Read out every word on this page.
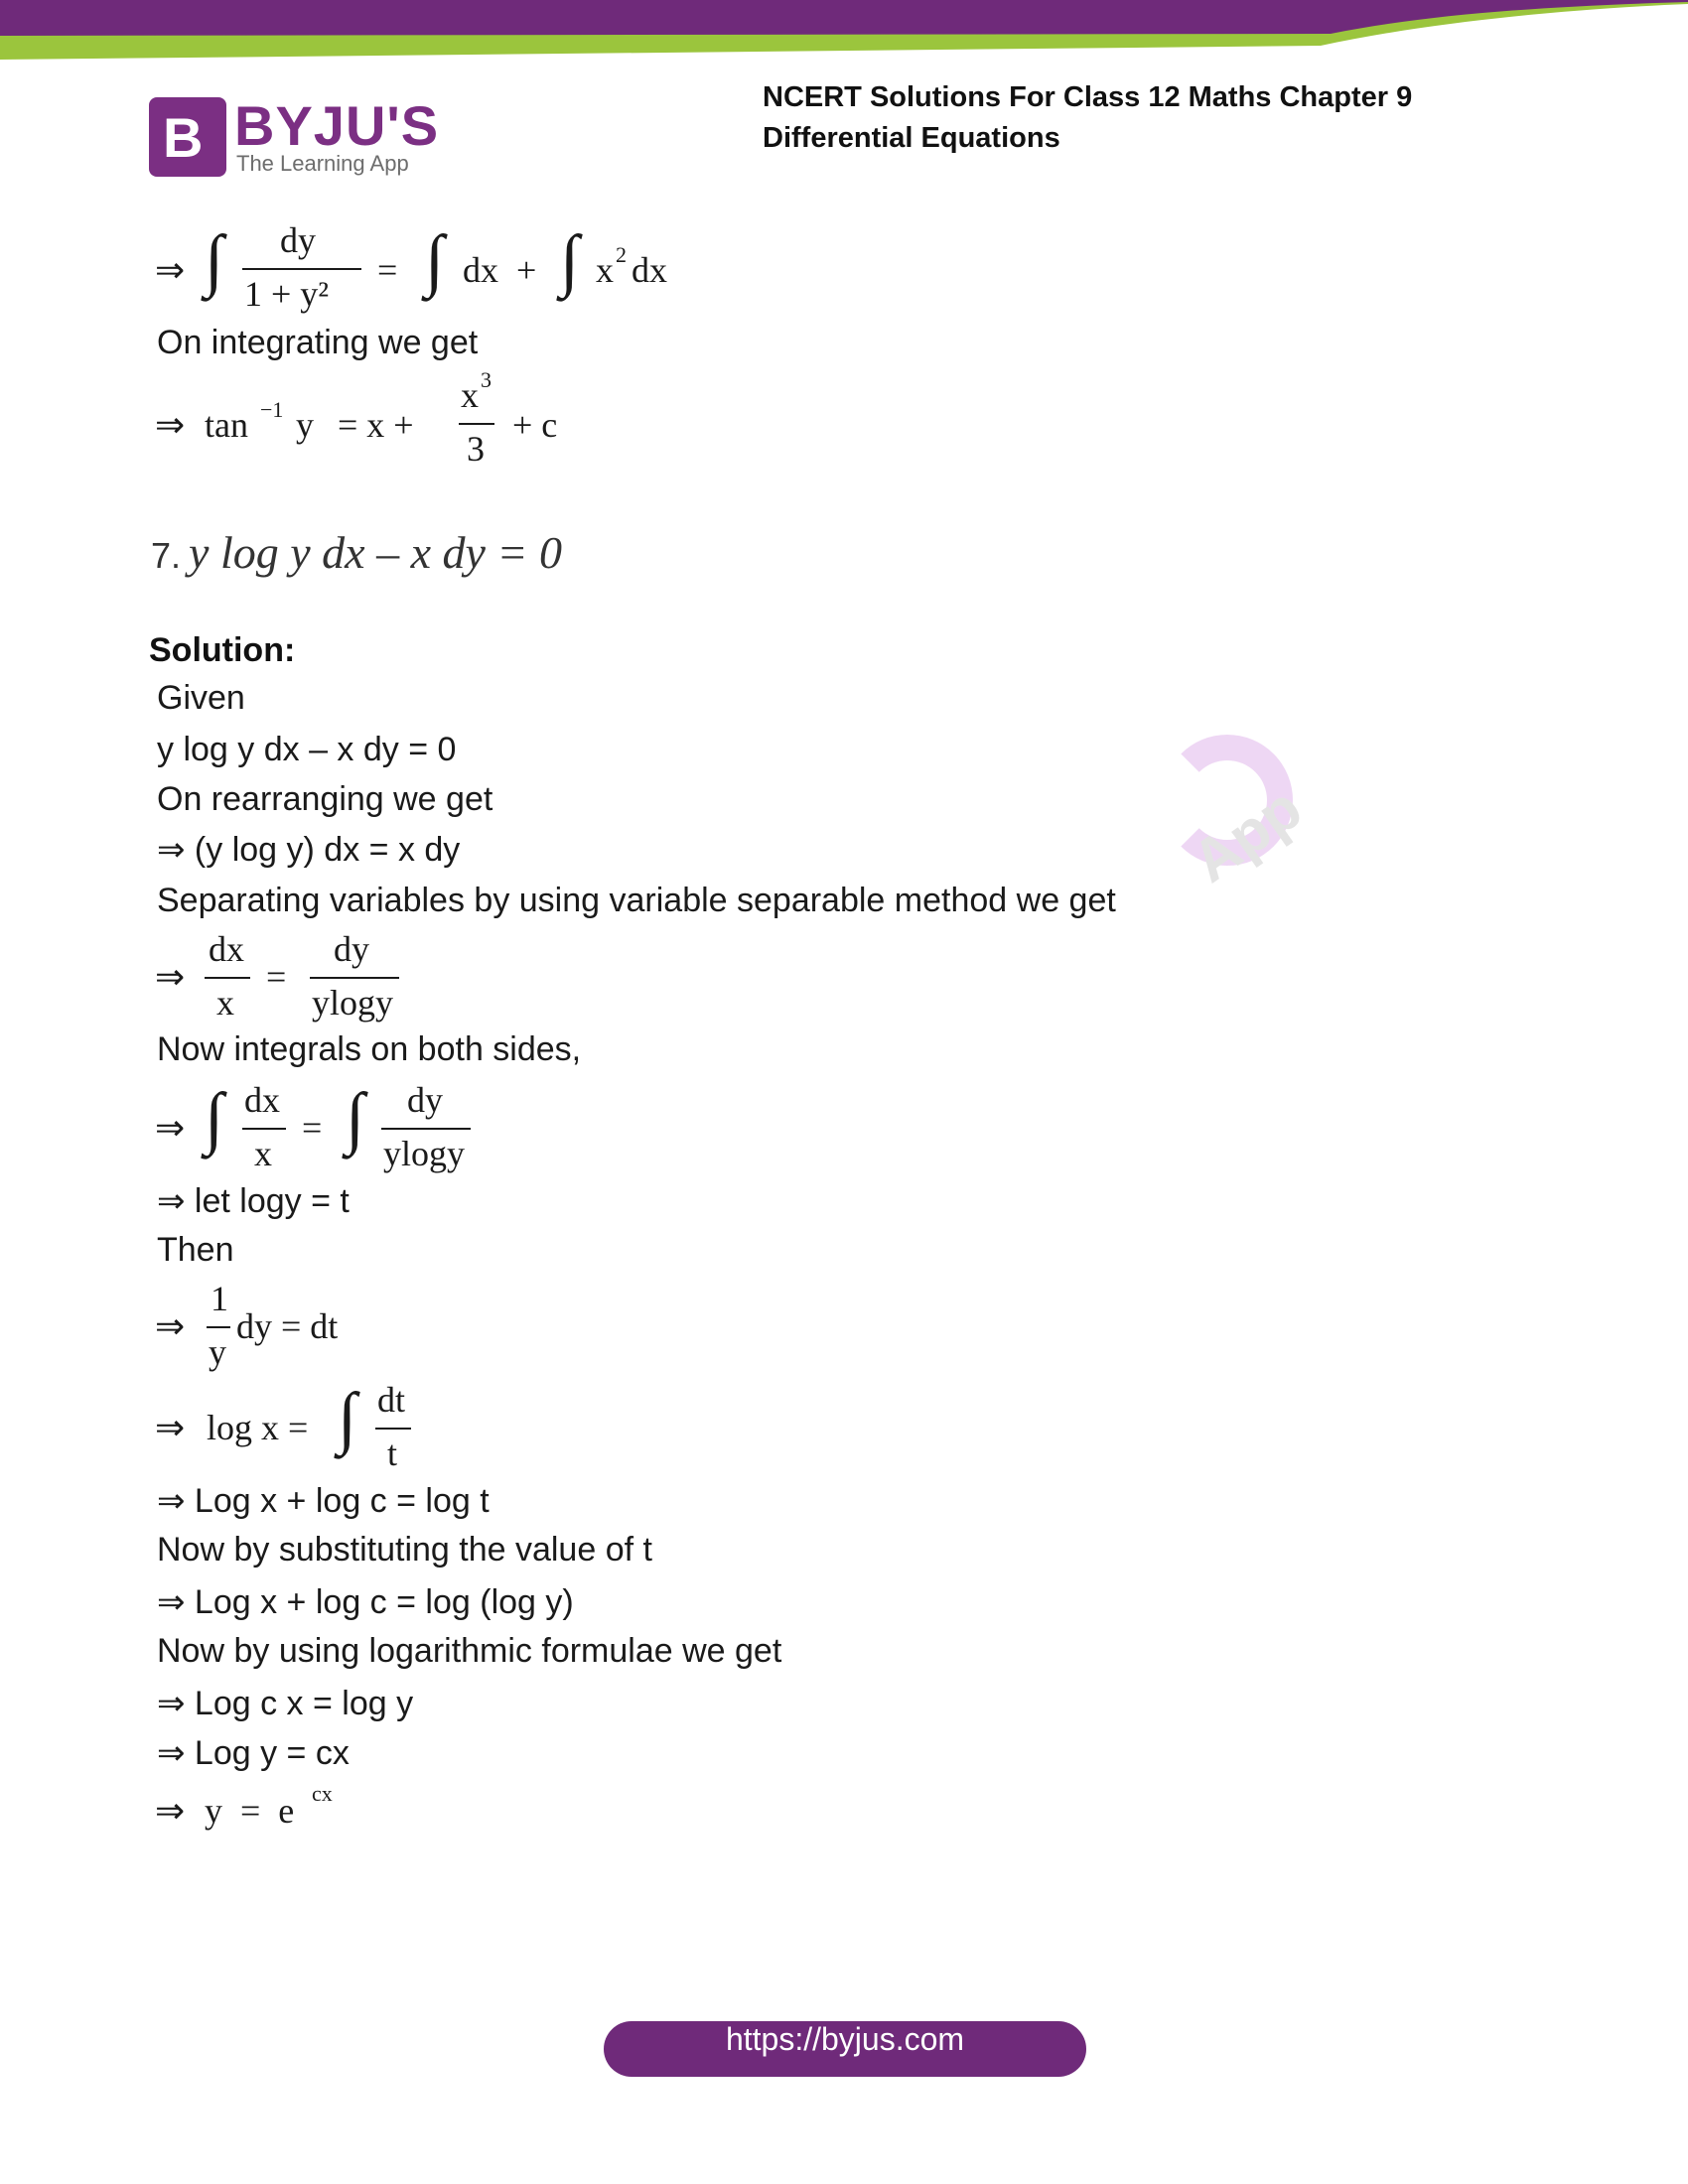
B BYJU'S
The Learning App
NCERT Solutions For Class 12 Maths Chapter 9
Differential Equations
App
⇒ ∫ dy
1 + y²
= ∫ dx + ∫ x 2 dx
On integrating we get
⇒ tan −1 y = x +
x 3
3
+ c
7. y log y dx – x dy = 0
Solution:
Given
y log y dx – x dy = 0
On rearranging we get
⇒ (y log y) dx = x dy
Separating variables by using variable separable method we get
⇒
dx
x
=
dy
ylogy
Now integrals on both sides,
⇒ ∫ dx
x
= ∫ dy
ylogy
⇒ let logy = t
Then
⇒
1
y
dy = dt
⇒ log x = ∫ dt
t
⇒ Log x + log c = log t
Now by substituting the value of t
⇒ Log x + log c = log (log y)
Now by using logarithmic formulae we get
⇒ Log c x = log y
⇒ Log y = cx
⇒ y  =  e cx
https://byjus.com
